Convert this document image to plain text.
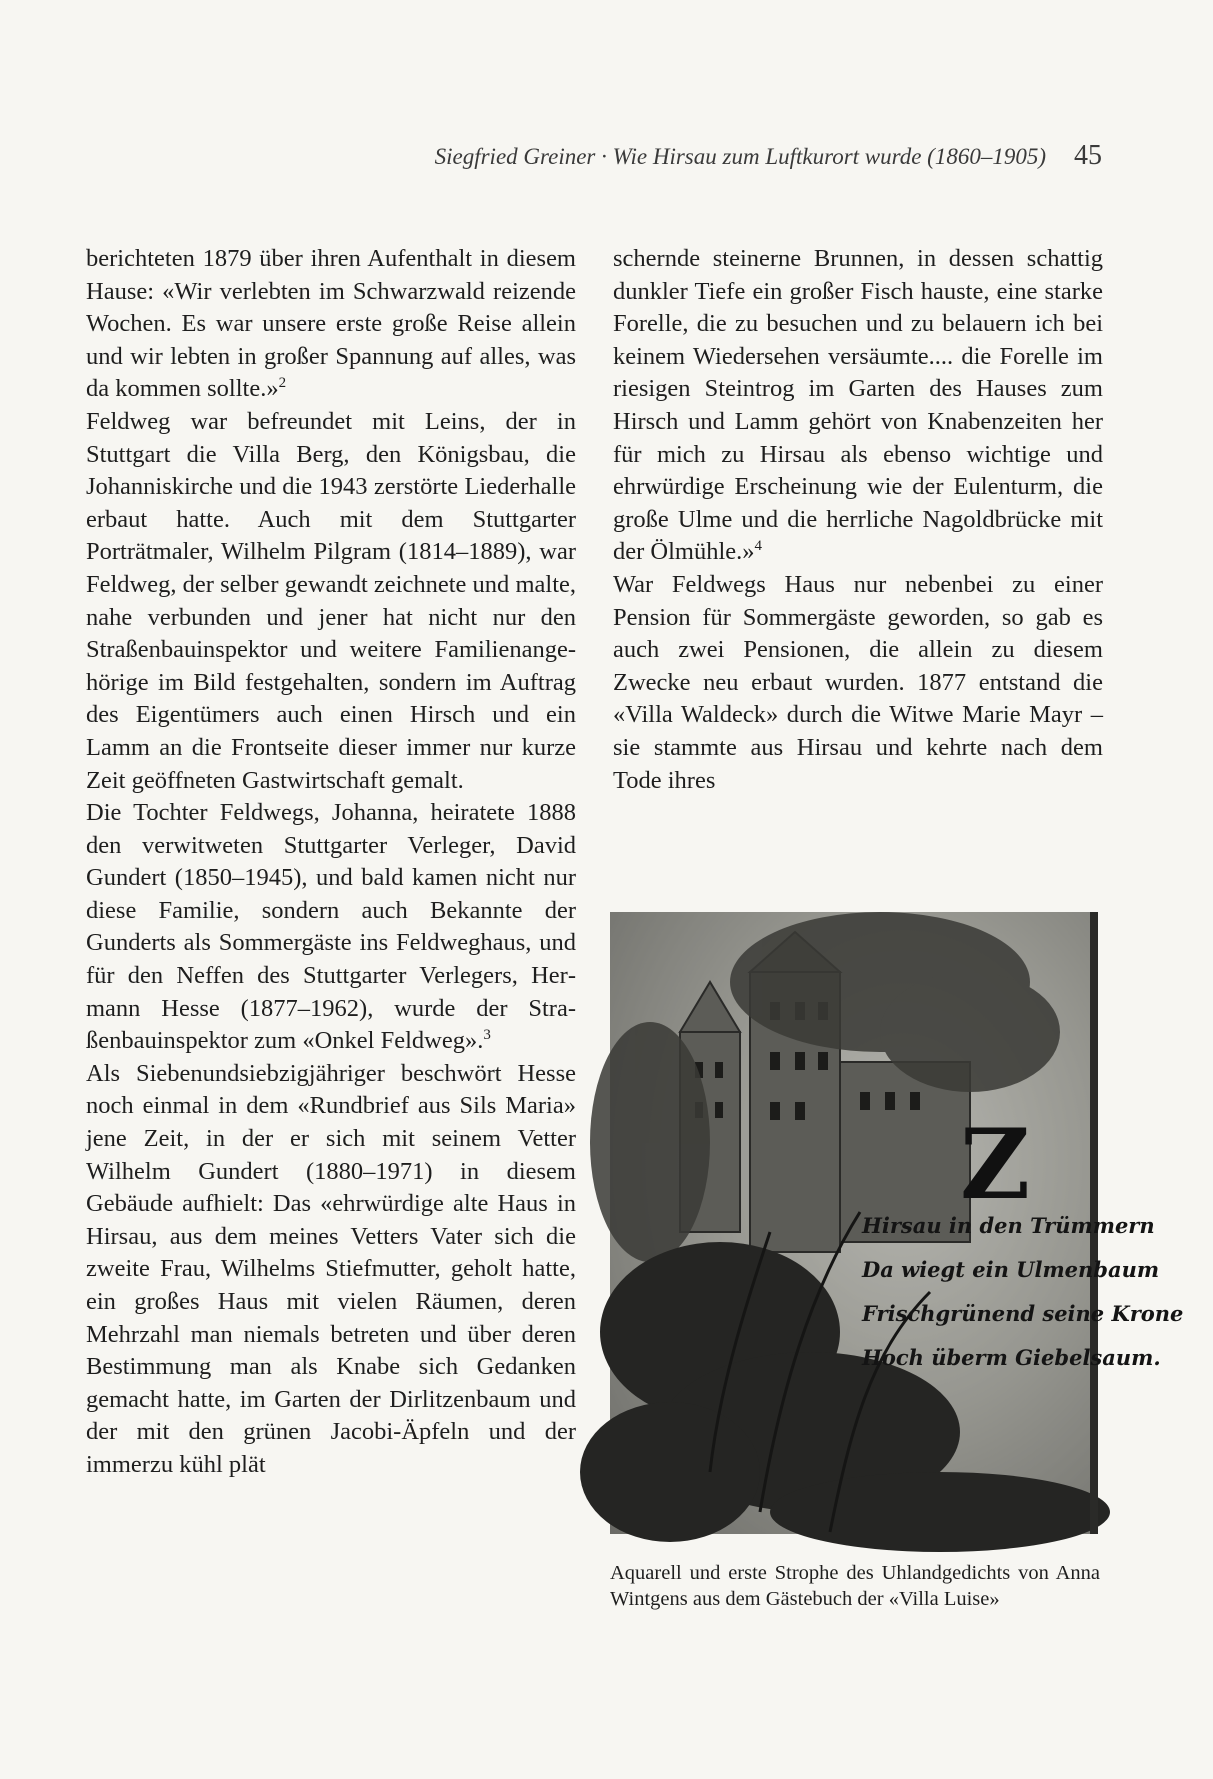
Siegfried Greiner · Wie Hirsau zum Luftkurort wurde (1860–1905) 45

berichteten 1879 über ihren Aufenthalt in diesem Hause: «Wir verlebten im Schwarzwald reizende Wochen. Es war unsere erste große Reise allein und wir lebten in großer Spannung auf alles, was da kommen sollte.»$^2$

Feldweg war befreundet mit Leins, der in Stuttgart die Villa Berg, den Königsbau, die Johanniskirche und die 1943 zerstörte Liederhalle erbaut hatte. Auch mit dem Stuttgarter Porträtmaler, Wilhelm Pilgram (1814–1889), war Feldweg, der selber gewandt zeichnete und malte, nahe verbunden und jener hat nicht nur den Straßenbauinspektor und weitere Familienangehörige im Bild festgehalten, sondern im Auftrag des Eigentümers auch einen Hirsch und ein Lamm an die Frontseite dieser immer nur kurze Zeit geöffneten Gastwirtschaft gemalt.

Die Tochter Feldwegs, Johanna, heiratete 1888 den verwitweten Stuttgarter Verleger, David Gundert (1850–1945), und bald kamen nicht nur diese Familie, sondern auch Bekannte der Gunderts als Sommergäste ins Feldweghaus, und für den Neffen des Stuttgarter Verlegers, Hermann Hesse (1877–1962), wurde der Straßenbauinspektor zum «Onkel Feldweg».$^3$

Als Siebenundsiebzigjähriger beschwört Hesse noch einmal in dem «Rundbrief aus Sils Maria» jene Zeit, in der er sich mit seinem Vetter Wilhelm Gundert (1880–1971) in diesem Gebäude aufhielt: Das «ehrwürdige alte Haus in Hirsau, aus dem meines Vetters Vater sich die zweite Frau, Wilhelms Stiefmutter, geholt hatte, ein großes Haus mit vielen Räumen, deren Mehrzahl man niemals betreten und über deren Bestimmung man als Knabe sich Gedanken gemacht hatte, im Garten der Dirlitzenbaum und der mit den grünen Jacobi-Äpfeln und der immerzu kühl plät

schernde steinerne Brunnen, in dessen schattig dunkler Tiefe ein großer Fisch hauste, eine starke Forelle, die zu besuchen und zu belauern ich bei keinem Wiedersehen versäumte.... die Forelle im riesigen Steintrog im Garten des Hauses zum Hirsch und Lamm gehört von Knabenzeiten her für mich zu Hirsau als ebenso wichtige und ehrwürdige Erscheinung wie der Eulenturm, die große Ulme und die herrliche Nagoldbrücke mit der Ölmühle.»$^4$

War Feldwegs Haus nur nebenbei zu einer Pension für Sommergäste geworden, so gab es auch zwei Pensionen, die allein zu diesem Zwecke neu erbaut wurden. 1877 entstand die «Villa Waldeck» durch die Witwe Marie Mayr – sie stammte aus Hirsau und kehrte nach dem Tode ihres

Z
Hirsau in den Trümmern
Da wiegt ein Ulmenbaum
Frischgrünend seine Krone
Hoch überm Giebelsaum.
Aquarell und erste Strophe des Uhlandgedichts von Anna Wintgens aus dem Gästebuch der «Villa Luise»
